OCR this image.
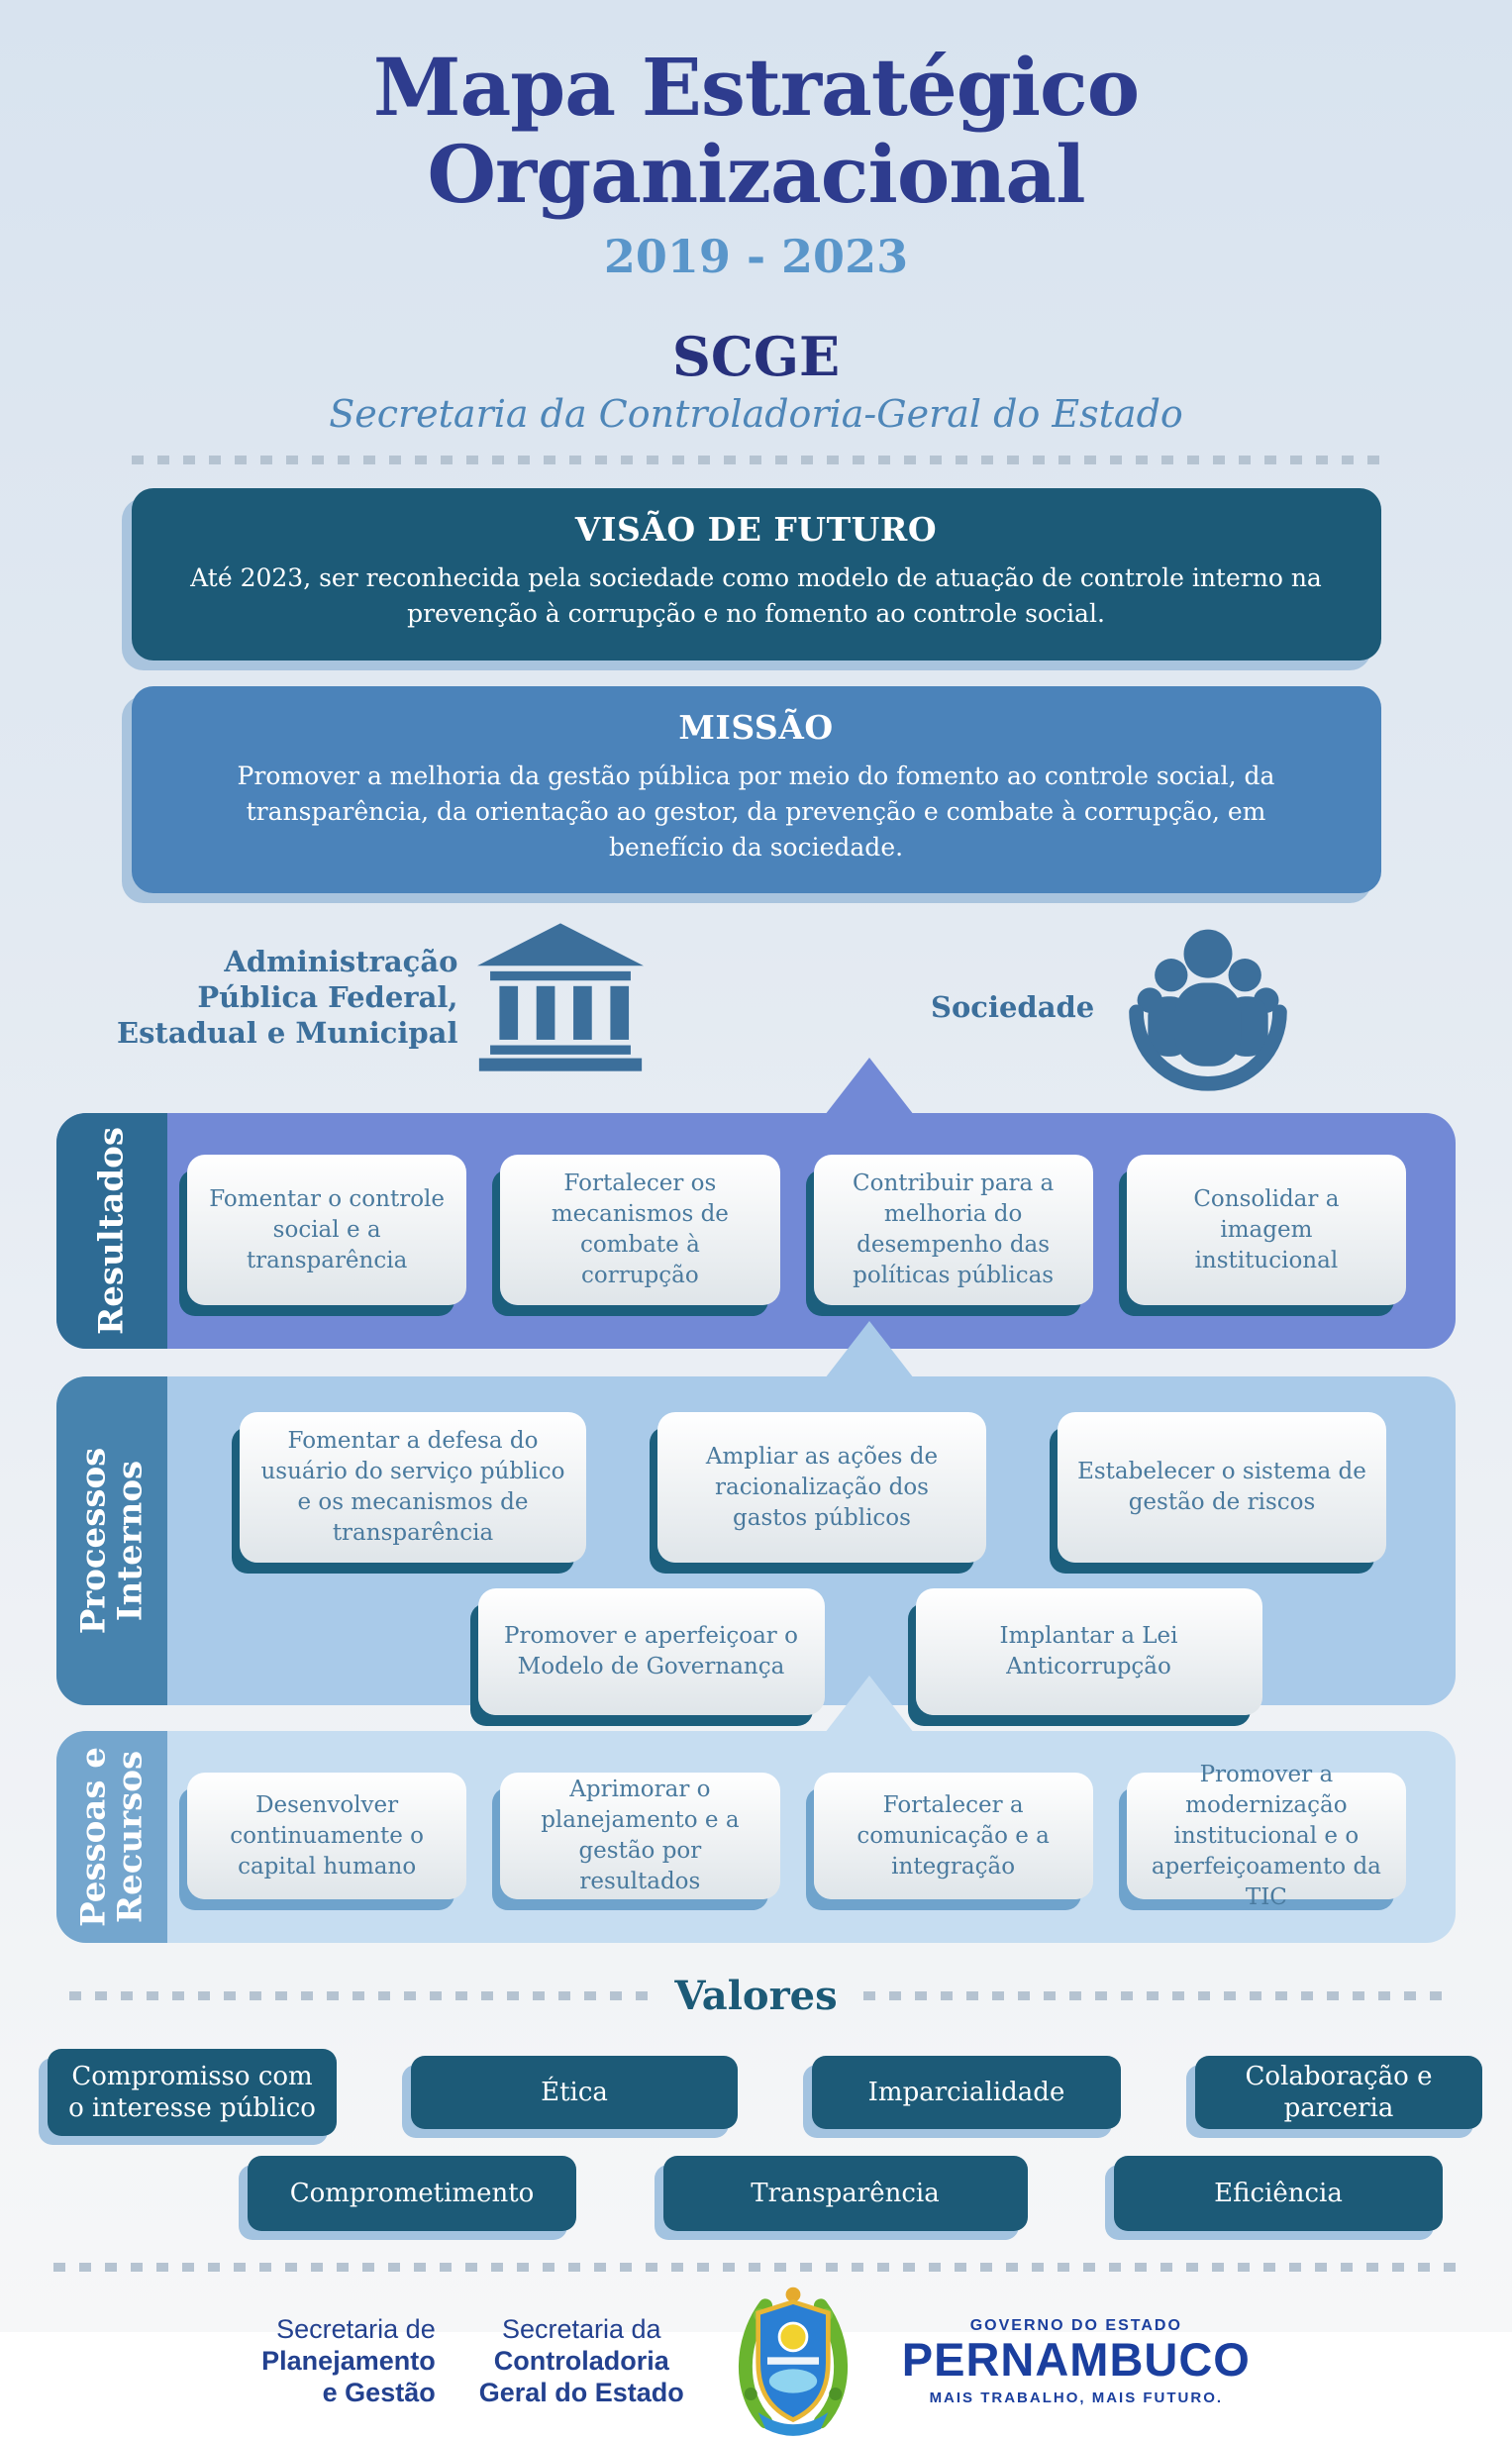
Mapa Estratégico
Organizacional
2019 - 2023
SCGE
Secretaria da Controladoria-Geral do Estado
VISÃO DE FUTURO
Até 2023, ser reconhecida pela sociedade como modelo de atuação de controle interno na prevenção à corrupção e no fomento ao controle social.
MISSÃO
Promover a melhoria da gestão pública por meio do fomento ao controle social, da transparência, da orientação ao gestor, da prevenção e combate à corrupção, em benefício da sociedade.
Administração
Pública Federal,
Estadual e Municipal
Sociedade
Resultados	Fomentar o controle social e a transparência
Fortalecer os mecanismos de combate à corrupção
Contribuir para a melhoria do desempenho das políticas públicas
Consolidar a imagem institucional
Processos Internos
Fomentar a defesa do usuário do serviço público e os mecanismos de transparência
Ampliar as ações de racionalização dos gastos públicos
Estabelecer o sistema de gestão de riscos
Promover e aperfeiçoar o Modelo de Governança
Implantar a Lei Anticorrupção
Pessoas e Recursos	Desenvolver continuamente o capital humano
Aprimorar o planejamento e a gestão por resultados
Fortalecer a comunicação e a integração
Promover a modernização institucional e o aperfeiçoamento da TIC
Valores
Compromisso com o interesse público
Ética	Imparcialidade
Colaboração e parceria
Comprometimento	Transparência	Eficiência
Secretaria de
Planejamento
e Gestão
Secretaria da
Controladoria
Geral do Estado
GOVERNO DO ESTADO
PERNAMBUCO
MAIS TRABALHO, MAIS FUTURO.
